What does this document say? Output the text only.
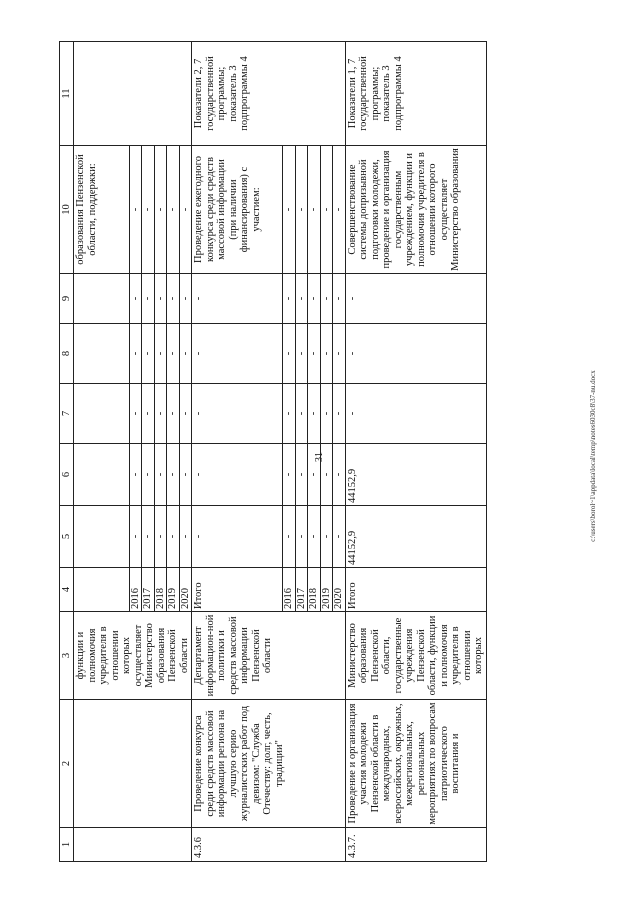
31
1	2	3	4	5	6	7	8	9	10	11
		функции и полномочия учредителя в отношении которых осуществляет Министерство образования Пензенской области							образования Пензенской области, поддержки:	
			2016	-	-	-	-	-	-	
			2017	-	-	-	-	-	-	
			2018	-	-	-	-	-	-	
			2019	-	-	-	-	-	-	
			2020	-	-	-	-	-	-	
4.3.6	Проведение конкурса среди средств массовой информации региона на лучшую серию журналистских работ под девизом: "Служба Отечеству: долг, честь, традиции"	Департамент информацион-ной политики и средств массовой информации Пензенской области	Итого	-	-	-	-	-	Проведение ежегодного конкурса среди средств массовой информации (при наличии финансирования) с участием:	Показатели 2, 7 государственной программы; показатель 3 подпрограммы 4
			2016	-	-	-	-	-	-	
			2017	-	-	-	-	-	-	
			2018	-	-	-	-	-	-	
			2019	-	-	-	-	-	-	
			2020	-	-	-	-	-	-	
4.3.7.	Проведение и организация участия молодежи Пензенской области в международных, всероссийских, окружных, межрегиональных, региональных мероприятиях по вопросам патриотического воспитания и	Министерство образования Пензенской области, государственные учреждения Пензенской области, функции и полномочия учредителя в отношении которых	Итого	44152,9	44152,9	-	-	-	Совершенствование системы допризывной подготовки молодежи, проведение и организация государственным учреждением, функции и полномочия учредителя в отношении которого осуществляет Министерство образования	Показатели 1, 7 государственной программы; показатель 3 подпрограммы 4
c:\users\borol~1\appdata\local\temp\notes6030c8\37-nu.docx
